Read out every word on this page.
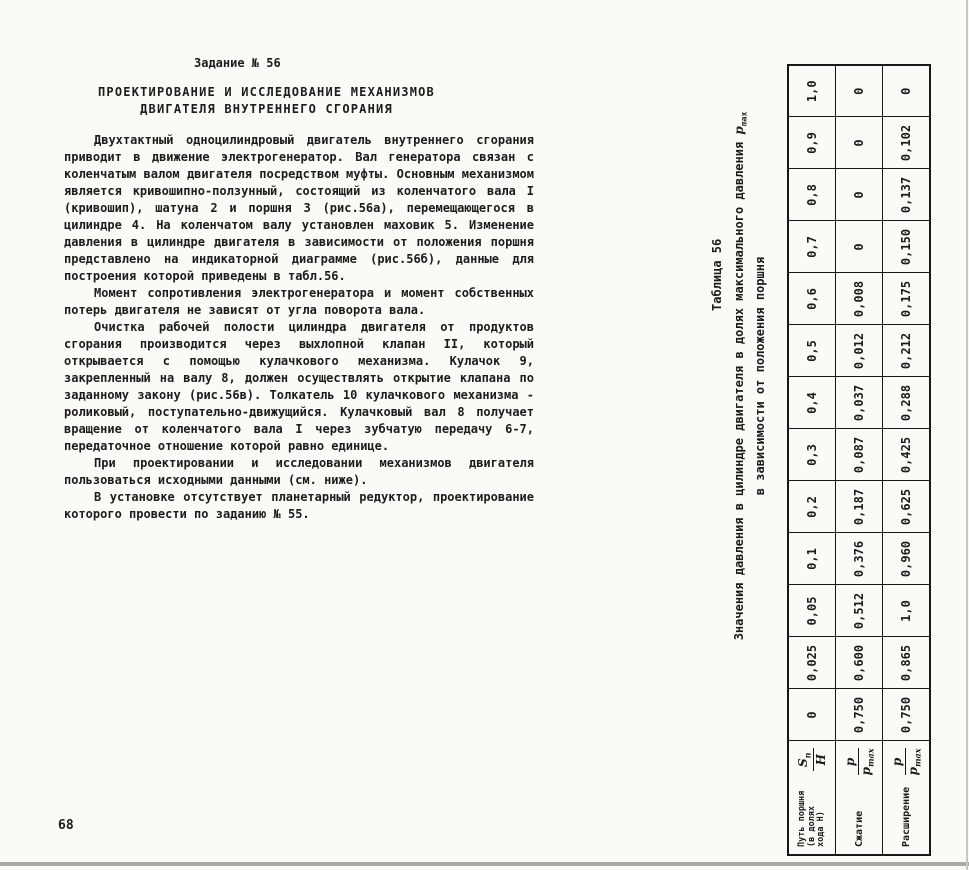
Задание № 56
ПРОЕКТИРОВАНИЕ И ИССЛЕДОВАНИЕ МЕХАНИЗМОВ
ДВИГАТЕЛЯ ВНУТРЕННЕГО СГОРАНИЯ

Двухтактный одноцилиндровый двигатель внутреннего сгорания приводит в движение электрогенератор. Вал генератора связан с коленчатым валом двигателя посредством муфты. Основным механизмом является кривошипно-ползунный, состоящий из коленчатого вала I (кривошип), шатуна 2 и поршня 3 (рис.56а), перемещающегося в цилиндре 4. На коленчатом валу установлен маховик 5. Изменение давления в цилиндре двигателя в зависимости от положения поршня представлено на индикаторной диаграмме (рис.56б), данные для построения которой приведены в табл.56.

Момент сопротивления электрогенератора и момент собственных потерь двигателя не зависят от угла поворота вала.

Очистка рабочей полости цилиндра двигателя от продуктов сгорания производится через выхлопной клапан II, который открывается с помощью кулачкового механизма. Кулачок 9, закрепленный на валу 8, должен осуществлять открытие клапана по заданному закону (рис.56в). Толкатель 10 кулачкового механизма - роликовый, поступательно-движущийся. Кулачковый вал 8 получает вращение от коленчатого вала I через зубчатую передачу 6-7, передаточное отношение которой равно единице.

При проектировании и исследовании механизмов двигателя пользоваться исходными данными (см. ниже).

В установке отсутствует планетарный редуктор, проектирование которого провести по заданию № 55.

68
Таблица 56 Значения давления в цилиндре двигателя в долях максимального давления $p_{max}$
в зависимости от положения поршня
Путь поршня (в долях хода Н)
$S_п$ H	0	0,025	0,05	0,1	0,2	0,3	0,4	0,5	0,6	0,7	0,8	0,9	1,0

Сжатие
p
$p_{max}$	0,750	0,600	0,512	0,376	0,187	0,087	0,037	0,012	0,008	0	0	0	0

Расширение
p
$p_{max}$	0,750	0,865	1,0	0,960	0,625	0,425	0,288	0,212	0,175	0,150	0,137	0,102	0
